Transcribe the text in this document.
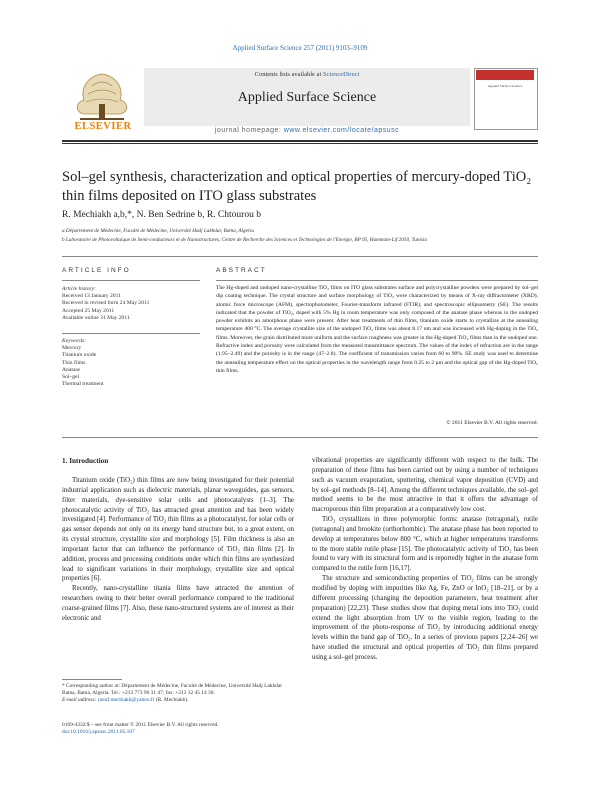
Applied Surface Science 257 (2011) 9103–9109
ELSEVIER
Contents lists available at ScienceDirect
Applied Surface Science
Applied Surface Science
journal homepage: www.elsevier.com/locate/apsusc
Sol–gel synthesis, characterization and optical properties of mercury-doped TiO₂ thin films deposited on ITO glass substrates
R. Mechiakh a,b,*, N. Ben Sedrine b, R. Chtourou b
a Département de Médecine, Faculté de Médecine, Université Hadj Lakhdar, Batna, Algeria
b Laboratoire de Photovoltaïque de Semi-conducteurs et de Nanostructures, Centre de Recherche des Sciences et Technologies de l'Energie, BP 95, Hammam-Lif 2050, Tunisia
ARTICLE INFO
Article history:
Received 13 January 2011
Received in revised form 24 May 2011
Accepted 25 May 2011
Available online 31 May 2011
Keywords:
Mercury
Titanium oxide
Thin films
Anatase
Sol–gel
Thermal treatment
ABSTRACT
The Hg-doped and undoped nano-crystalline TiO₂ films on ITO glass substrates surface and polycrystalline powders were prepared by sol–gel dip coating technique. The crystal structure and surface morphology of TiO₂ were characterized by means of X-ray diffractometer (XRD), atomic force microscope (AFM), spectrophotometer, Fourier-transform infrared (FTIR), and spectroscopic ellipsometry (SE). The results indicated that the powder of TiO₂, doped with 5% Hg in room temperature was only composed of the anatase phase whereas in the undoped powder exhibits an amorphous phase were present. After heat treatments of thin films, titanium oxide starts to crystallize at the annealing temperature 400 °C. The average crystallite size of the undoped TiO₂ films was about 8.17 nm and was increased with Hg-doping in the TiO₂ films. Moreover, the grain distributed more uniform and the surface roughness was greater in the Hg-doped TiO₂ films than in the undoped one. Refractive index and porosity were calculated from the measured transmittance spectrum. The values of the index of refraction are in the range (1.95–2.49) and the porosity is in the range (47–2.8). The coefficient of transmission varies from 60 to 90%. SE study was used to determine the annealing temperature effect on the optical properties in the wavelength range from 0.25 to 2 μm and the optical gap of the Hg-doped TiO₂ thin films.
© 2011 Elsevier B.V. All rights reserved.
1. Introduction

Titanium oxide (TiO₂) thin films are now being investigated for their potential industrial application such as dielectric materials, planar waveguides, gas sensors, filter materials, dye-sensitive solar cells and photocatalysts [1–3]. The photocatalytic activity of TiO₂ has attracted great attention and has been widely investigated [4]. Performance of TiO₂ thin films as a photocatalyst, for solar cells or gas sensor depends not only on its energy band structure but, to a great extent, on its crystal structure, crystallite size and morphology [5]. Film thickness is also an important factor that can influence the performance of TiO₂ thin films [2]. In addition, process and processing conditions under which thin films are synthesized lead to significant variations in their morphology, crystallite size and optical properties [6].

Recently, nano-crystalline titania films have attracted the attention of researchers owing to their better overall performance compared to the traditional coarse-grained films [7]. Also, these nano-structured systems are of interest as their electronic and

vibrational properties are significantly different with respect to the bulk. The preparation of these films has been carried out by using a number of techniques such as vacuum evaporation, sputtering, chemical vapor deposition (CVD) and by sol–gel methods [8–14]. Among the different techniques available, the sol–gel method seems to be the most attractive in that it offers the advantage of macroporous thin film preparation at a comparatively low cost.

TiO₂ crystallizes in three polymorphic forms: anatase (tetragonal), rutile (tetragonal) and brookite (orthorhombic). The anatase phase has been reported to develop at temperatures below 800 °C, which at higher temperatures transforms to the more stable rutile phase [15]. The photocatalytic activity of TiO₂ has been found to vary with its structural form and is reportedly higher in the anatase form compared to the rutile form [16,17].

The structure and semiconducting properties of TiO₂ films can be strongly modified by doping with impurities like Ag, Fe, ZnO or InO₂ [18–21], or by a different processing (changing the deposition parameters, heat treatment after preparation) [22,23]. These studies show that doping metal ions into TiO₂ could extend the light absorption from UV to the visible region, leading to the improvement of the photo-response of TiO₂ by introducing additional energy levels within the band gap of TiO₂. In a series of previous papers [2,24–26] we have studied the structural and optical properties of TiO₂ thin films prepared using a sol–gel process.

* Corresponding author at: Département de Médecine, Faculté de Médecine, Université Hadj Lakhdar Batna, Batna, Algeria. Tel.: +213 773 96 31 47; fax: +213 32 45 14 30.
E-mail address: raouf.mechiakh@yahoo.fr (R. Mechiakh).
0169-4332/$ – see front matter © 2011 Elsevier B.V. All rights reserved.
doi:10.1016/j.apsusc.2011.05.107
